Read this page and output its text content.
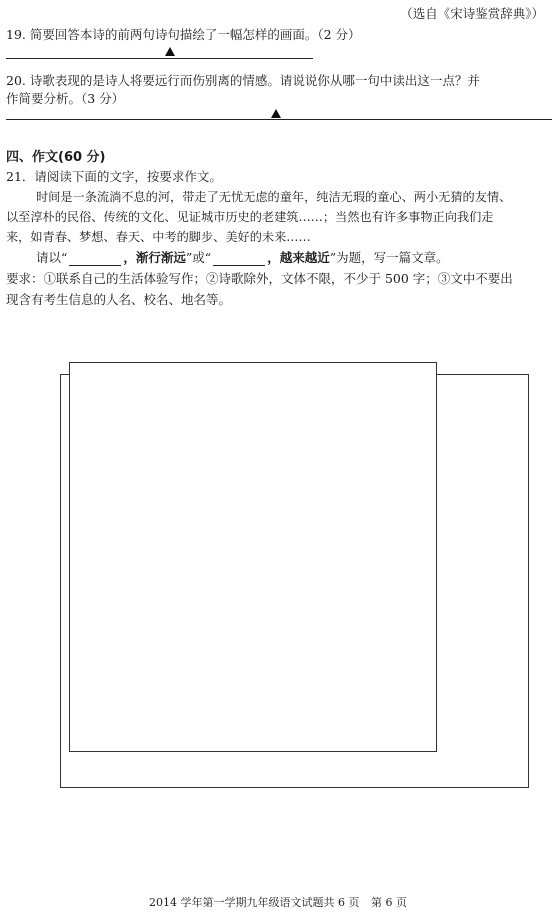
（选自《宋诗鉴赏辞典》）
19. 简要回答本诗的前两句诗句描绘了一幅怎样的画面。（2 分）
20. 诗歌表现的是诗人将要远行而伤别离的情感。请说说你从哪一句中读出这一点？并
作简要分析。（3 分）
四、作文(60 分)
21．请阅读下面的文字，按要求作文。
时间是一条流淌不息的河，带走了无忧无虑的童年，纯洁无瑕的童心、两小无猜的友情、
以至淳朴的民俗、传统的文化、见证城市历史的老建筑……；当然也有许多事物正向我们走
来，如青春、梦想、春天、中考的脚步、美好的未来……
请以“	，渐行渐远”或“	，越来越近”为题，写一篇文章。
要求：①联系自己的生活体验写作；②诗歌除外，文体不限，不少于 500 字；③文中不要出
现含有考生信息的人名、校名、地名等。
2014 学年第一学期九年级语文试题共 6 页 第 6 页
